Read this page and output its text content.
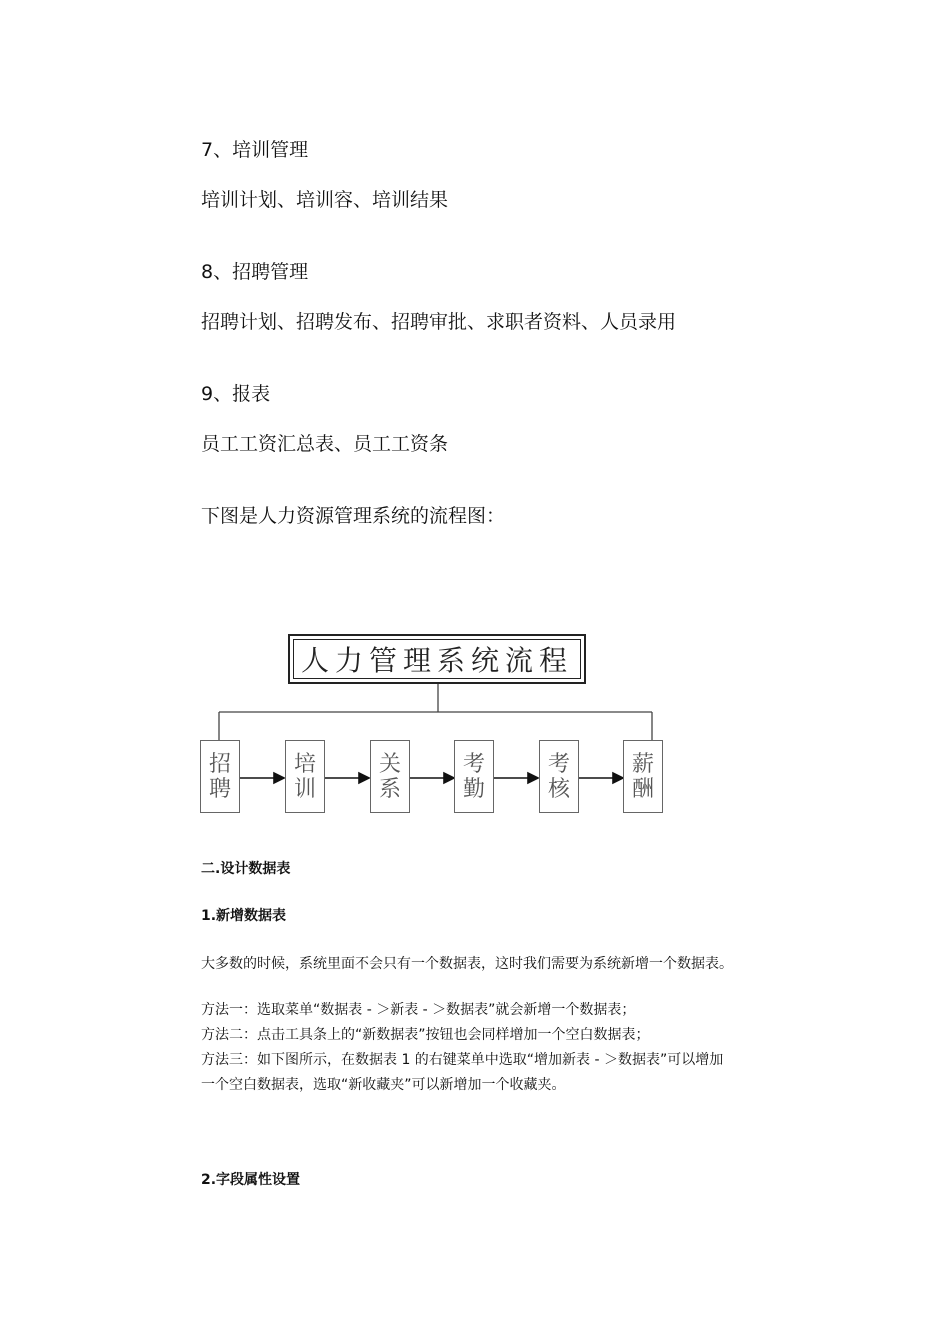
7、培训管理

培训计划、培训容、培训结果

8、招聘管理

招聘计划、招聘发布、招聘审批、求职者资料、人员录用

9、报表

员工工资汇总表、员工工资条

下图是人力资源管理系统的流程图：

人力管理系统流程
招
聘
培
训
关
系
考
勤
考
核
薪
酬

二.设计数据表

1.新增数据表

大多数的时候，系统里面不会只有一个数据表，这时我们需要为系统新增一个数据表。

方法一：选取菜单“数据表 - ＞新表 - ＞数据表”就会新增一个数据表；

方法二：点击工具条上的“新数据表”按钮也会同样增加一个空白数据表；

方法三：如下图所示，在数据表 1 的右键菜单中选取“增加新表 - ＞数据表”可以增加

一个空白数据表，选取“新收藏夹”可以新增加一个收藏夹。

2.字段属性设置
